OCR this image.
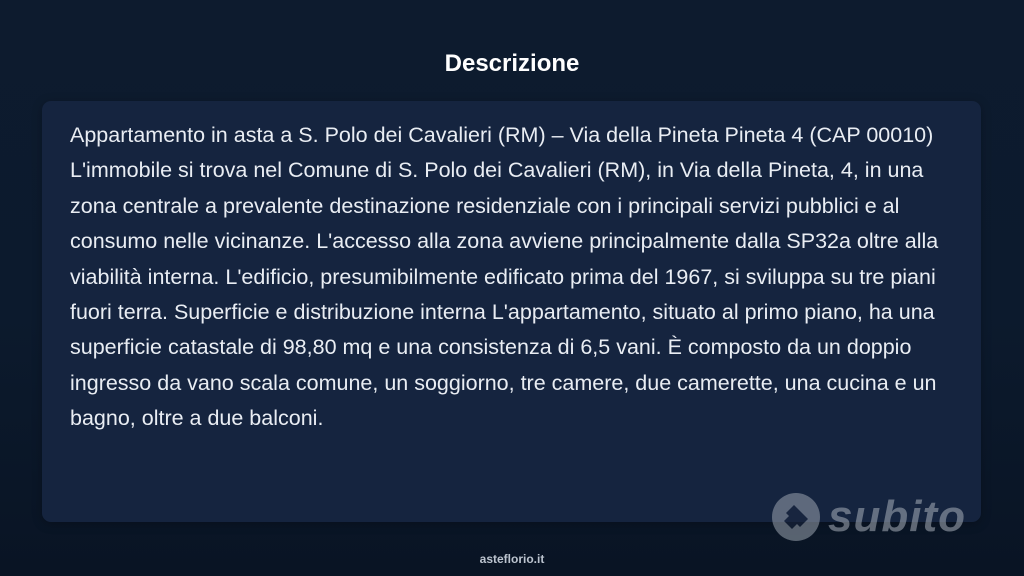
Descrizione

Appartamento in asta a S. Polo dei Cavalieri (RM) – Via della Pineta Pineta 4 (CAP 00010) L'immobile si trova nel Comune di S. Polo dei Cavalieri (RM), in Via della Pineta, 4, in una zona centrale a prevalente destinazione residenziale con i principali servizi pubblici e al consumo nelle vicinanze. L'accesso alla zona avviene principalmente dalla SP32a oltre alla viabilità interna. L'edificio, presumibilmente edificato prima del 1967, si sviluppa su tre piani fuori terra. Superficie e distribuzione interna L'appartamento, situato al primo piano, ha una superficie catastale di 98,80 mq e una consistenza di 6,5 vani. È composto da un doppio ingresso da vano scala comune, un soggiorno, tre camere, due camerette, una cucina e un bagno, oltre a due balconi.

subito
asteflorio.it
